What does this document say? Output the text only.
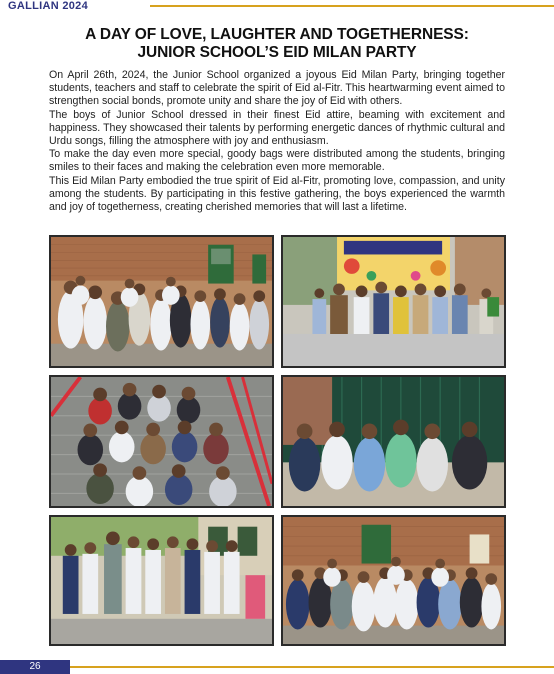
GALLIAN 2024
A DAY OF LOVE, LAUGHTER AND TOGETHERNESS:
JUNIOR SCHOOL’S EID MILAN PARTY

On April 26th, 2024, the Junior School organized a joyous Eid Milan Party, bringing together students, teachers and staff to celebrate the spirit of Eid al-Fitr. This heartwarming event aimed to strengthen social bonds, promote unity and share the joy of Eid with others.

The boys of Junior School dressed in their finest Eid attire, beaming with excitement and happiness. They showcased their talents by performing energetic dances of rhythmic cultural and Urdu songs, filling the atmosphere with joy and enthusiasm.

To make the day even more special, goody bags were distributed among the students, bringing smiles to their faces and making the celebration even more memorable.

This Eid Milan Party embodied the true spirit of Eid al-Fitr, promoting love, compassion, and unity among the students. By participating in this festive gathering, the boys experienced the warmth and joy of togetherness, creating cherished memories that will last a lifetime.

26
